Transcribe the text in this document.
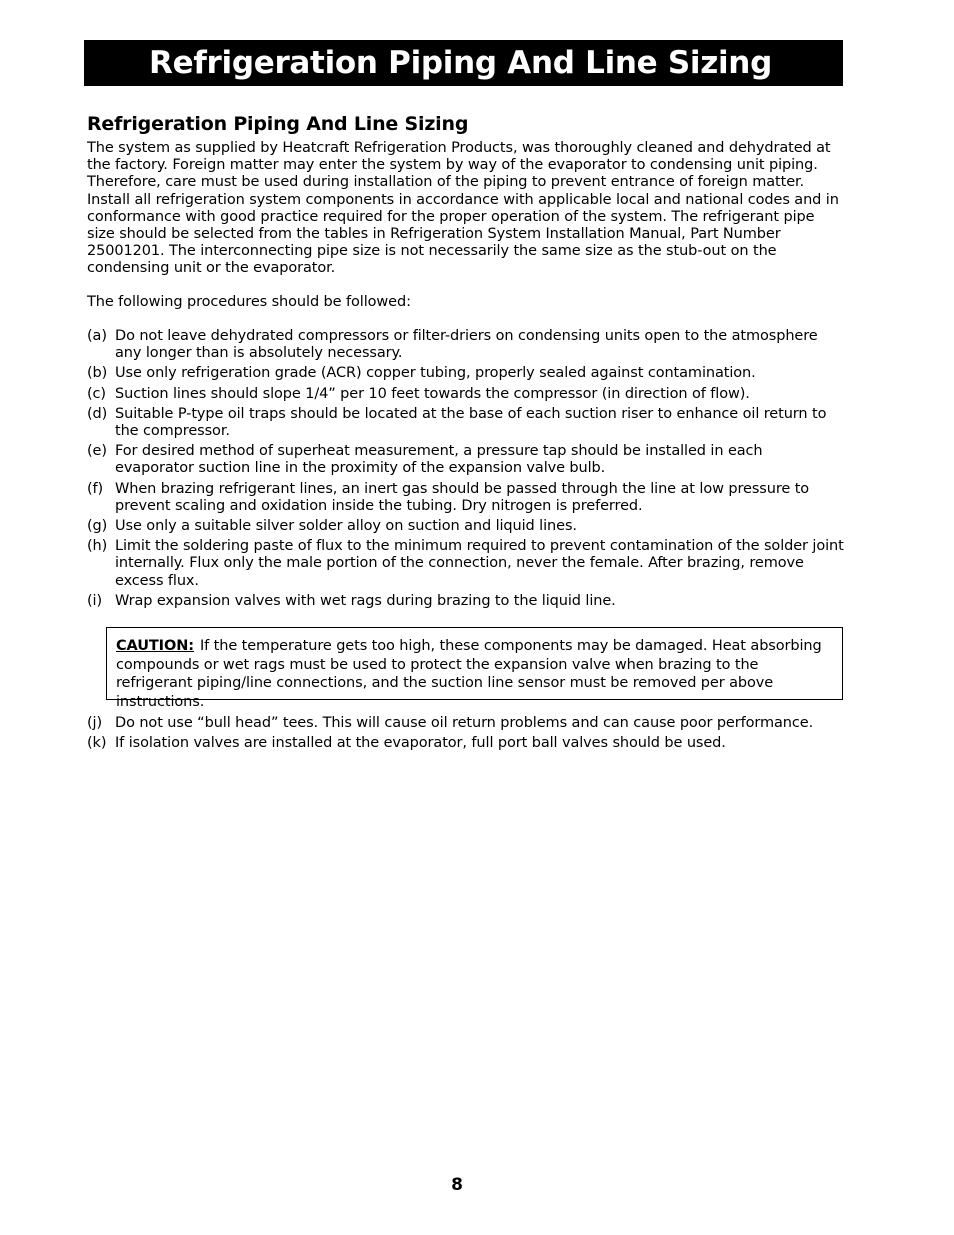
Refrigeration Piping And Line Sizing
Refrigeration Piping And Line Sizing

The system as supplied by Heatcraft Refrigeration Products, was thoroughly cleaned and dehydrated at the factory. Foreign matter may enter the system by way of the evaporator to condensing unit piping. Therefore, care must be used during installation of the piping to prevent entrance of foreign matter. Install all refrigeration system components in accordance with applicable local and national codes and in conformance with good practice required for the proper operation of the system. The refrigerant pipe size should be selected from the tables in Refrigeration System Installation Manual, Part Number 25001201. The interconnecting pipe size is not necessarily the same size as the stub-out on the condensing unit or the evaporator.

The following procedures should be followed:

(a) Do not leave dehydrated compressors or filter-driers on condensing units open to the atmosphere any longer than is absolutely necessary.
(b) Use only refrigeration grade (ACR) copper tubing, properly sealed against contamination.
(c) Suction lines should slope 1/4” per 10 feet towards the compressor (in direction of flow).
(d) Suitable P-type oil traps should be located at the base of each suction riser to enhance oil return to the compressor.
(e) For desired method of superheat measurement, a pressure tap should be installed in each evaporator suction line in the proximity of the expansion valve bulb.
(f) When brazing refrigerant lines, an inert gas should be passed through the line at low pressure to prevent scaling and oxidation inside the tubing. Dry nitrogen is preferred.
(g) Use only a suitable silver solder alloy on suction and liquid lines.
(h) Limit the soldering paste of flux to the minimum required to prevent contamination of the solder joint internally. Flux only the male portion of the connection, never the female. After brazing, remove excess flux.
(i) Wrap expansion valves with wet rags during brazing to the liquid line.
CAUTION: If the temperature gets too high, these components may be damaged. Heat absorbing compounds or wet rags must be used to protect the expansion valve when brazing to the refrigerant piping/line connections, and the suction line sensor must be removed per above instructions.
(j) Do not use “bull head” tees. This will cause oil return problems and can cause poor performance.
(k) If isolation valves are installed at the evaporator, full port ball valves should be used.
8
